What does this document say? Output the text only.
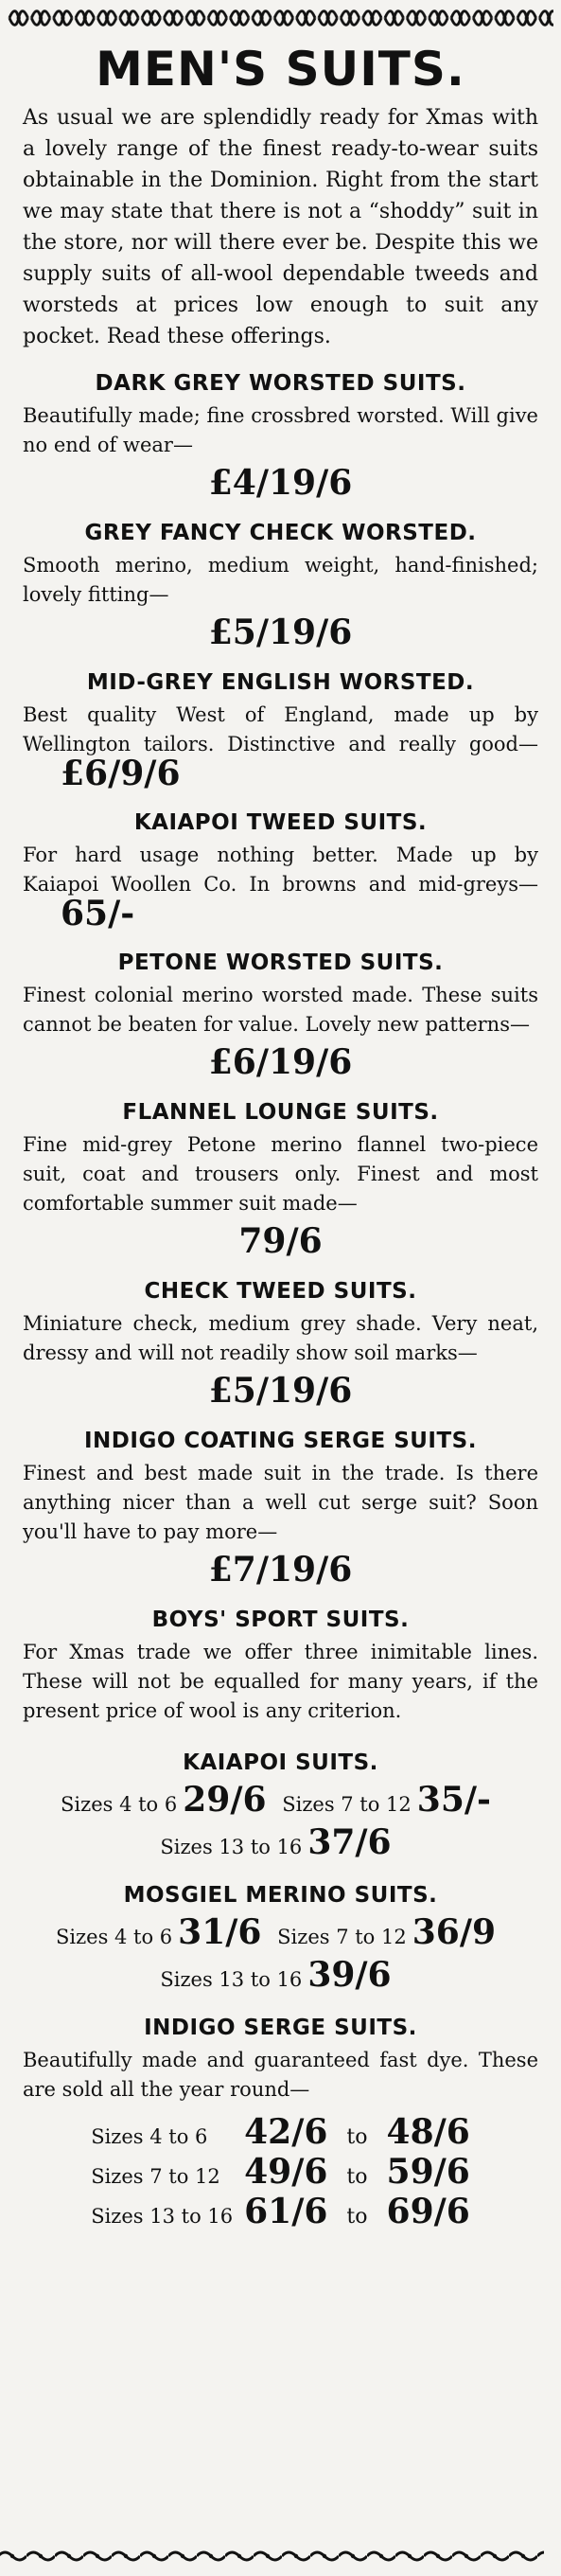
MEN'S SUITS.
As usual we are splendidly ready for Xmas with a lovely range of the finest ready-to-wear suits obtainable in the Dominion. Right from the start we may state that there is not a “shoddy” suit in the store, nor will there ever be. Despite this we supply suits of all-wool dependable tweeds and worsteds at prices low enough to suit any pocket. Read these offerings.
DARK GREY WORSTED SUITS.
Beautifully made; fine crossbred worsted. Will give no end of wear—
£4/19/6
GREY FANCY CHECK WORSTED.
Smooth merino, medium weight, hand-finished; lovely fitting—
£5/19/6
MID-GREY ENGLISH WORSTED.
Best quality West of England, made up by Wellington tailors. Distinctive and really good—£6/9/6
KAIAPOI TWEED SUITS.
For hard usage nothing better. Made up by Kaiapoi Woollen Co. In browns and mid-greys—65/-
PETONE WORSTED SUITS.
Finest colonial merino worsted made. These suits cannot be beaten for value. Lovely new patterns—
£6/19/6
FLANNEL LOUNGE SUITS.
Fine mid-grey Petone merino flannel two-piece suit, coat and trousers only. Finest and most comfortable summer suit made—
79/6
CHECK TWEED SUITS.
Miniature check, medium grey shade. Very neat, dressy and will not readily show soil marks—
£5/19/6
INDIGO COATING SERGE SUITS.
Finest and best made suit in the trade. Is there anything nicer than a well cut serge suit? Soon you'll have to pay more—
£7/19/6
BOYS' SPORT SUITS.
For Xmas trade we offer three inimitable lines. These will not be equalled for many years, if the present price of wool is any criterion.
KAIAPOI SUITS.
Sizes 4 to 6 29/6 Sizes 7 to 12 35/-
Sizes 13 to 16 37/6
MOSGIEL MERINO SUITS.
Sizes 4 to 6 31/6 Sizes 7 to 12 36/9
Sizes 13 to 16 39/6
INDIGO SERGE SUITS.
Beautifully made and guaranteed fast dye. These are sold all the year round—
Sizes 4 to 6	42/6	to	48/6
Sizes 7 to 12	49/6	to	59/6
Sizes 13 to 16	61/6	to	69/6
